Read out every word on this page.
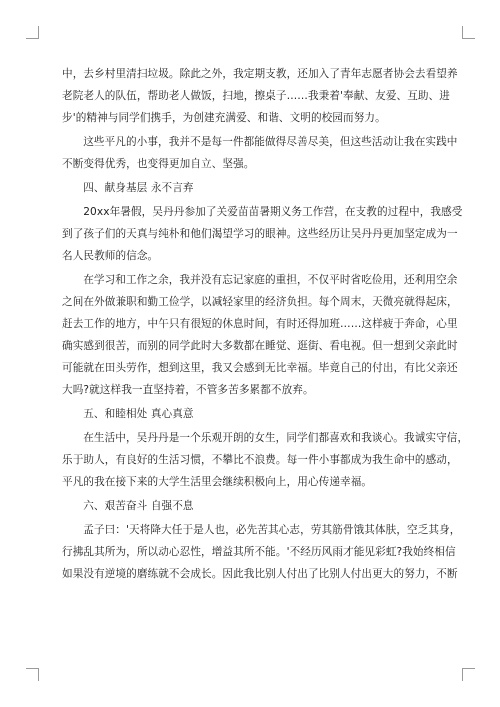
中，去乡村里清扫垃圾。除此之外，我定期支教，还加入了青年志愿者协会去看望养

老院老人的队伍，帮助老人做饭，扫地，擦桌子……我秉着'奉献、友爱、互助、进

步'的精神与同学们携手，为创建充满爱、和谐、文明的校园而努力。

这些平凡的小事，我并不是每一件都能做得尽善尽美，但这些活动让我在实践中

不断变得优秀，也变得更加自立、坚强。

四、献身基层 永不言弃

20xx年暑假，吴丹丹参加了关爱苗苗暑期义务工作营，在支教的过程中，我感受

到了孩子们的天真与纯朴和他们渴望学习的眼神。这些经历让吴丹丹更加坚定成为一

名人民教师的信念。

在学习和工作之余，我并没有忘记家庭的重担，不仅平时省吃俭用，还利用空余

之间在外做兼职和勤工俭学，以减轻家里的经济负担。每个周末，天微亮就得起床，

赶去工作的地方，中午只有很短的休息时间，有时还得加班……这样疲于奔命，心里

确实感到很苦，而别的同学此时大多数都在睡觉、逛街、看电视。但一想到父亲此时

可能就在田头劳作，想到这里，我又会感到无比幸福。毕竟自己的付出，有比父亲还

大吗?就这样我一直坚持着，不管多苦多累都不放弃。

五、和睦相处 真心真意

在生活中，吴丹丹是一个乐观开朗的女生，同学们都喜欢和我谈心。我诚实守信，

乐于助人，有良好的生活习惯，不攀比不浪费。每一件小事都成为我生命中的感动，

平凡的我在接下来的大学生活里会继续积极向上，用心传递幸福。

六、艰苦奋斗 自强不息

孟子曰：'天将降大任于是人也，必先苦其心志，劳其筋骨饿其体肤，空乏其身，

行拂乱其所为，所以动心忍性，增益其所不能。'不经历风雨才能见彩虹?我始终相信

如果没有逆境的磨练就不会成长。因此我比别人付出了比别人付出更大的努力，不断
